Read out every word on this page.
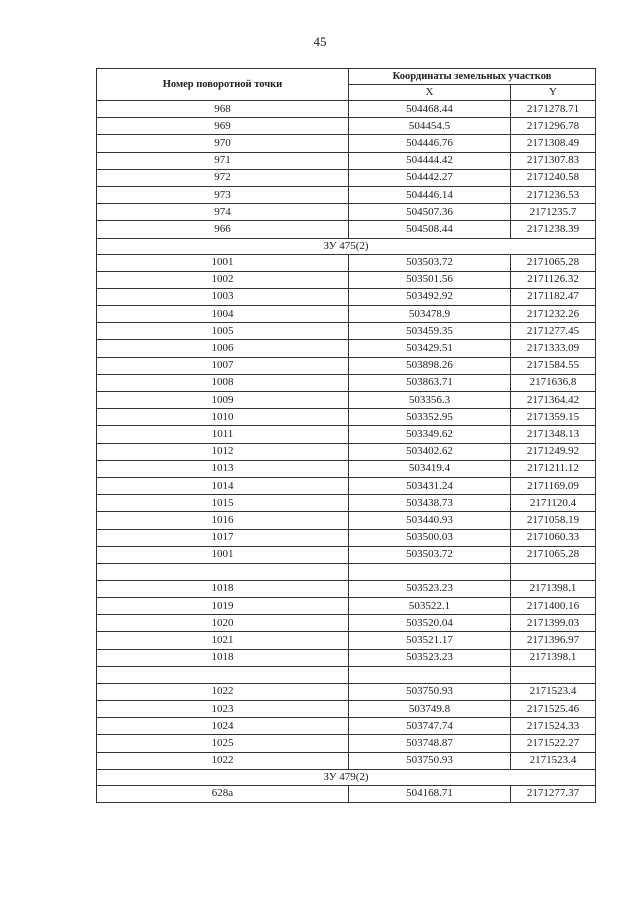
45
Номер поворотной точки	Координаты земельных участков	
	X	Y
968	504468.44	2171278.71
969	504454.5	2171296.78
970	504446.76	2171308.49
971	504444.42	2171307.83
972	504442.27	2171240.58
973	504446.14	2171236.53
974	504507.36	2171235.7
966	504508.44	2171238.39
ЗУ 475(2)		
1001	503503.72	2171065.28
1002	503501.56	2171126.32
1003	503492.92	2171182.47
1004	503478.9	2171232.26
1005	503459.35	2171277.45
1006	503429.51	2171333.09
1007	503898.26	2171584.55
1008	503863.71	2171636.8
1009	503356.3	2171364.42
1010	503352.95	2171359.15
1011	503349.62	2171348.13
1012	503402.62	2171249.92
1013	503419.4	2171211.12
1014	503431.24	2171169.09
1015	503438.73	2171120.4
1016	503440.93	2171058.19
1017	503500.03	2171060.33
1001	503503.72	2171065.28

1018	503523.23	2171398.1
1019	503522.1	2171400.16
1020	503520.04	2171399.03
1021	503521.17	2171396.97
1018	503523.23	2171398.1

1022	503750.93	2171523.4
1023	503749.8	2171525.46
1024	503747.74	2171524.33
1025	503748.87	2171522.27
1022	503750.93	2171523.4
ЗУ 479(2)		
628а	504168.71	2171277.37
